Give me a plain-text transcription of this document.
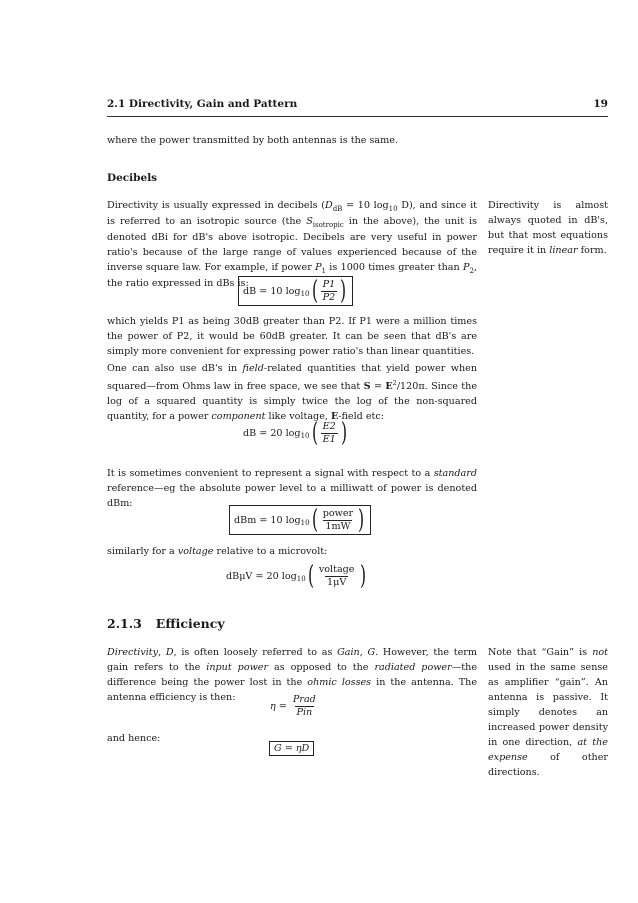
2.1 Directivity, Gain and Pattern	19

where the power transmitted by both antennas is the same.

Decibels

Directivity is usually expressed in decibels ($D_{dB} = 10$ $\log_{10} D$), and since it is referred to an isotropic source (the $S_{isotropic}$ in the above), the unit is denoted dBi for dB's above isotropic. Decibels are very useful in power ratio's because of the large range of values experienced because of the inverse square law. For example, if power $P_1$ is 1000 times greater than $P_2$, the ratio expressed in dBs is:

dB = 10 log 10 ( $\frac{P1}{P2}$ )

which yields P1 as being 30dB greater than P2. If P1 were a million times the power of P2, it would be 60dB greater. It can be seen that dB's are simply more convenient for expressing power ratio's than linear quantities.

One can also use dB's in field-related quantities that yield power when squared—from Ohms law in free space, we see that $S = E^2/120\pi$. Since the log of a squared quantity is simply twice the log of the non-squared quantity, for a power component like voltage, E-field etc:

dB = 20 log 10 ( $\frac{E2}{E1}$ )

It is sometimes convenient to represent a signal with respect to a standard reference—eg the absolute power level to a milliwatt of power is denoted dBm:

dBm = 10 log 10 ( $\frac{\text{power}}{1mW}$ )

similarly for a voltage relative to a microvolt:

dBμV = 20 log 10 ( $\frac{\text{voltage}}{1\mu V}$ )

Directivity is almost always quoted in dB's, but that most equations require it in linear form.

2.1.3 Efficiency

Directivity, D, is often loosely referred to as Gain, G. However, the term gain refers to the input power as opposed to the radiated power—the difference being the power lost in the ohmic losses in the antenna. The antenna efficiency is then:

η =
$\frac{\text{Prad}}{\text{Pin}}$

and hence:

G = ηD

Note that “Gain” is not used in the same sense as amplifier “gain”. An antenna is passive. It simply denotes an increased power density in one direction, at the expense of other directions.
